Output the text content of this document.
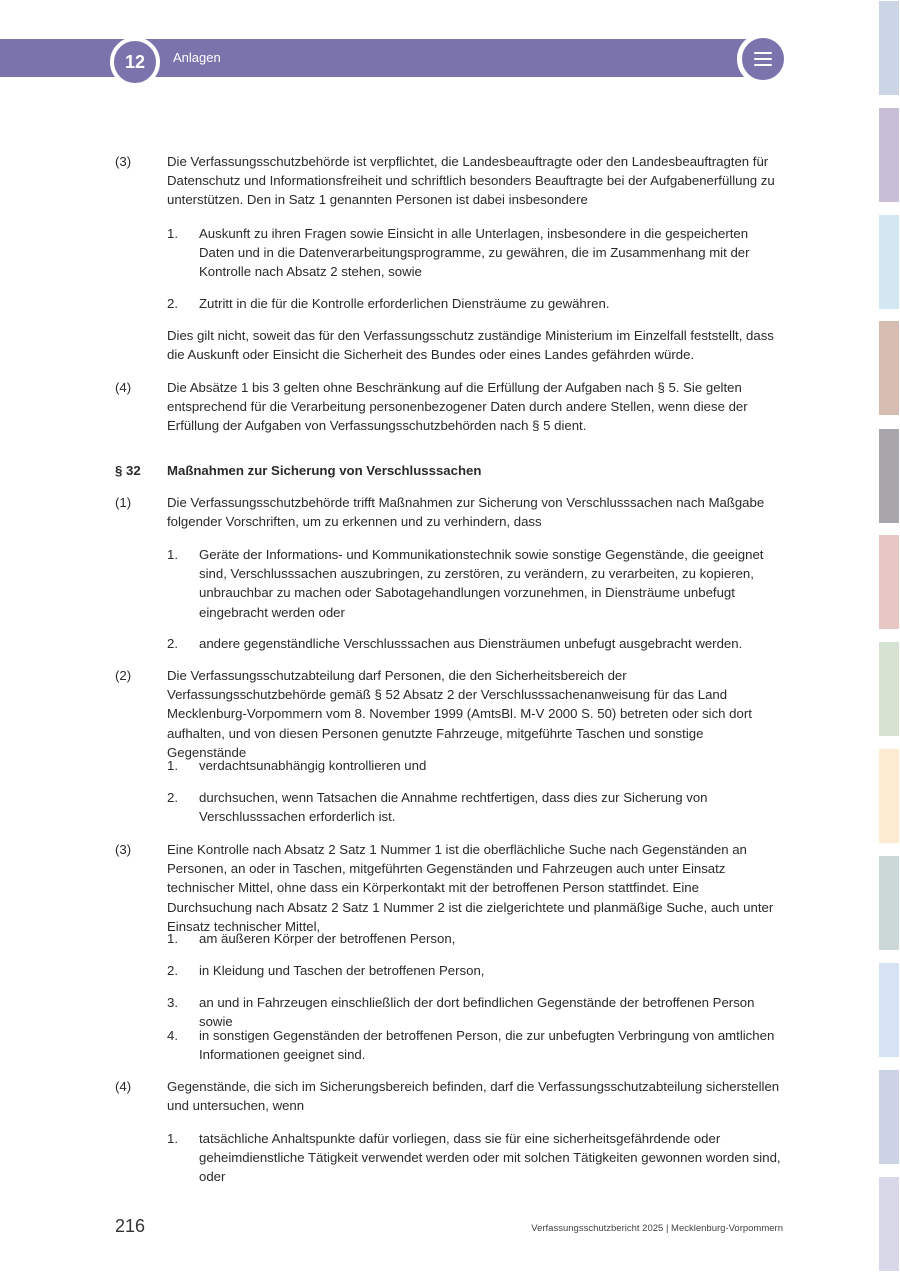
12	Anlagen
(3)	Die Verfassungsschutzbehörde ist verpflichtet, die Landesbeauftragte oder den Landesbeauftragten für Datenschutz und Informationsfreiheit und schriftlich besonders Beauftragte bei der Aufgabenerfüllung zu unterstützen. Den in Satz 1 genannten Personen ist dabei insbesondere
1. Auskunft zu ihren Fragen sowie Einsicht in alle Unterlagen, insbesondere in die gespeicherten Daten und in die Datenverarbeitungsprogramme, zu gewähren, die im Zusammenhang mit der Kontrolle nach Absatz 2 stehen, sowie
2. Zutritt in die für die Kontrolle erforderlichen Diensträume zu gewähren.
Dies gilt nicht, soweit das für den Verfassungsschutz zuständige Ministerium im Einzelfall feststellt, dass die Auskunft oder Einsicht die Sicherheit des Bundes oder eines Landes gefährden würde.
(4)	Die Absätze 1 bis 3 gelten ohne Beschränkung auf die Erfüllung der Aufgaben nach § 5. Sie gelten entsprechend für die Verarbeitung personenbezogener Daten durch andere Stellen, wenn diese der Erfüllung der Aufgaben von Verfassungsschutzbehörden nach § 5 dient.
§ 32 Maßnahmen zur Sicherung von Verschlusssachen
(1)	Die Verfassungsschutzbehörde trifft Maßnahmen zur Sicherung von Verschlusssachen nach Maßgabe folgender Vorschriften, um zu erkennen und zu verhindern, dass
1. Geräte der Informations- und Kommunikationstechnik sowie sonstige Gegenstände, die geeignet sind, Verschlusssachen auszubringen, zu zerstören, zu verändern, zu verarbeiten, zu kopieren, unbrauchbar zu machen oder Sabotagehandlungen vorzunehmen, in Diensträume unbefugt eingebracht werden oder
2. andere gegenständliche Verschlusssachen aus Diensträumen unbefugt ausgebracht werden.
(2)	Die Verfassungsschutzabteilung darf Personen, die den Sicherheitsbereich der Verfassungsschutzbehörde gemäß § 52 Absatz 2 der Verschlusssachenanweisung für das Land Mecklenburg-Vorpommern vom 8. November 1999 (AmtsBl. M-V 2000 S. 50) betreten oder sich dort aufhalten, und von diesen Personen genutzte Fahrzeuge, mitgeführte Taschen und sonstige Gegenstände
1. verdachtsunabhängig kontrollieren und
2. durchsuchen, wenn Tatsachen die Annahme rechtfertigen, dass dies zur Sicherung von Verschlusssachen erforderlich ist.
(3)	Eine Kontrolle nach Absatz 2 Satz 1 Nummer 1 ist die oberflächliche Suche nach Gegenständen an Personen, an oder in Taschen, mitgeführten Gegenständen und Fahrzeugen auch unter Einsatz technischer Mittel, ohne dass ein Körperkontakt mit der betroffenen Person stattfindet. Eine Durchsuchung nach Absatz 2 Satz 1 Nummer 2 ist die zielgerichtete und planmäßige Suche, auch unter Einsatz technischer Mittel,
1. am äußeren Körper der betroffenen Person,
2. in Kleidung und Taschen der betroffenen Person,
3. an und in Fahrzeugen einschließlich der dort befindlichen Gegenstände der betroffenen Person sowie
4. in sonstigen Gegenständen der betroffenen Person, die zur unbefugten Verbringung von amtlichen Informationen geeignet sind.
(4)	Gegenstände, die sich im Sicherungsbereich befinden, darf die Verfassungsschutzabteilung sicherstellen und untersuchen, wenn
1. tatsächliche Anhaltspunkte dafür vorliegen, dass sie für eine sicherheitsgefährdende oder geheimdienstliche Tätigkeit verwendet werden oder mit solchen Tätigkeiten gewonnen worden sind, oder
216	Verfassungsschutzbericht 2025 | Mecklenburg-Vorpommern
